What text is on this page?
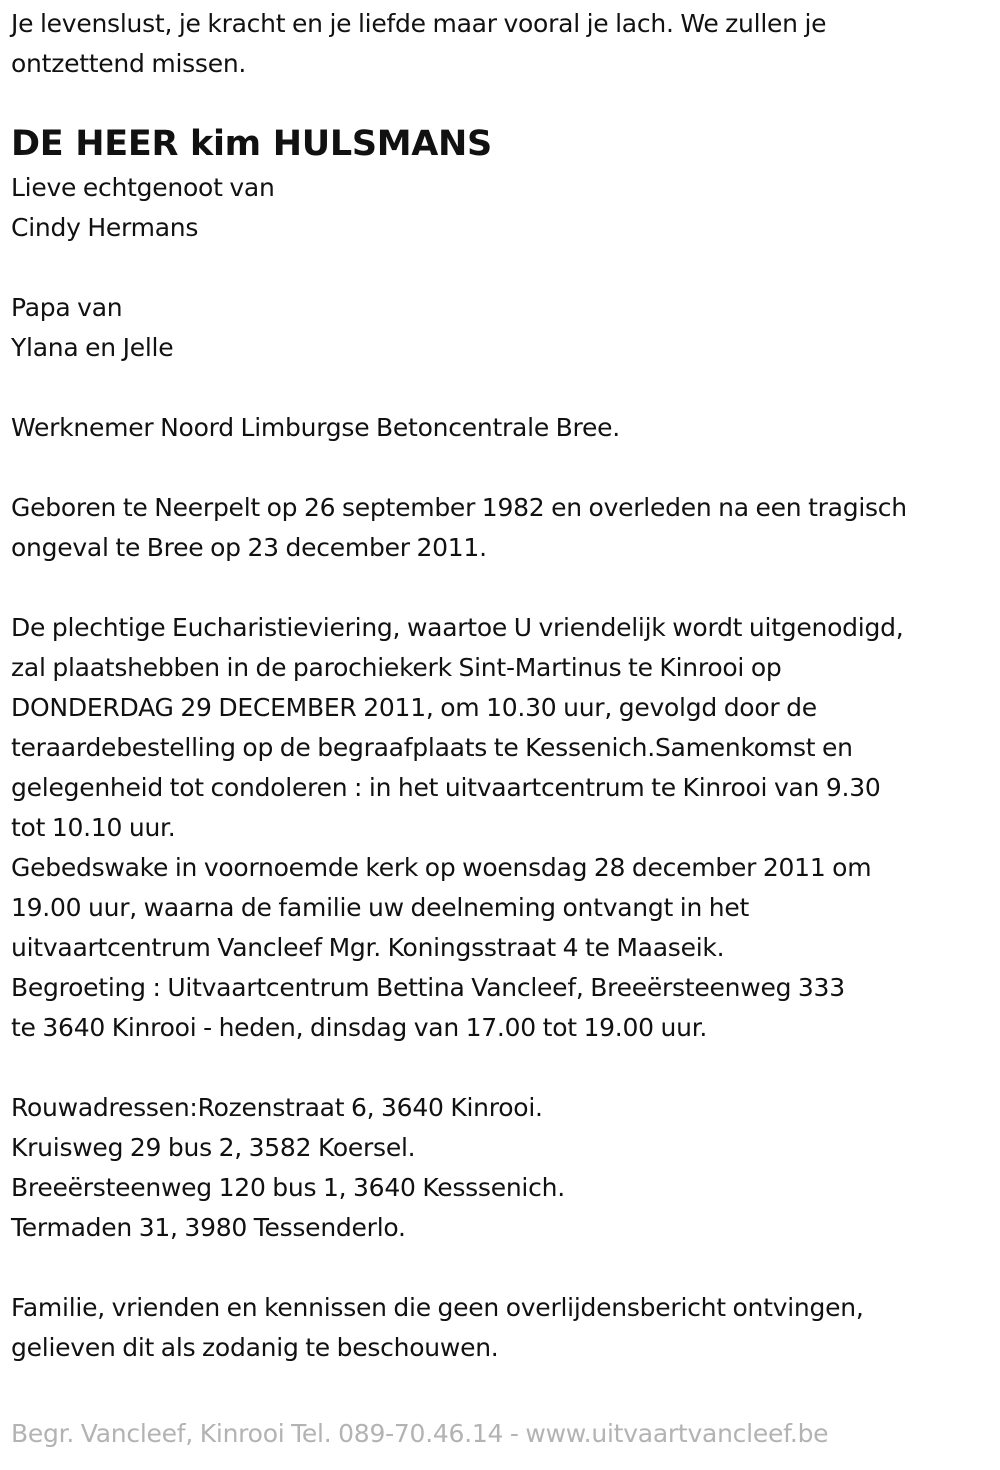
Je levenslust, je kracht en je liefde maar vooral je lach. We zullen je
ontzettend missen.
DE HEER kim HULSMANS
Lieve echtgenoot van
Cindy Hermans
Papa van
Ylana en Jelle
Werknemer Noord Limburgse Betoncentrale Bree.
Geboren te Neerpelt op 26 september 1982 en overleden na een tragisch
ongeval te Bree op 23 december 2011.
De plechtige Eucharistieviering, waartoe U vriendelijk wordt uitgenodigd,
zal plaatshebben in de parochiekerk Sint-Martinus te Kinrooi op
DONDERDAG 29 DECEMBER 2011, om 10.30 uur, gevolgd door de
teraardebestelling op de begraafplaats te Kessenich.Samenkomst en
gelegenheid tot condoleren : in het uitvaartcentrum te Kinrooi van 9.30
tot 10.10 uur.
Gebedswake in voornoemde kerk op woensdag 28 december 2011 om
19.00 uur, waarna de familie uw deelneming ontvangt in het
uitvaartcentrum Vancleef Mgr. Koningsstraat 4 te Maaseik.
Begroeting : Uitvaartcentrum Bettina Vancleef, Breeërsteenweg 333
te 3640 Kinrooi - heden, dinsdag van 17.00 tot 19.00 uur.
Rouwadressen:Rozenstraat 6, 3640 Kinrooi.
Kruisweg 29 bus 2, 3582 Koersel.
Breeërsteenweg 120 bus 1, 3640 Kesssenich.
Termaden 31, 3980 Tessenderlo.
Familie, vrienden en kennissen die geen overlijdensbericht ontvingen,
gelieven dit als zodanig te beschouwen.
Begr. Vancleef, Kinrooi Tel. 089-70.46.14 - www.uitvaartvancleef.be
